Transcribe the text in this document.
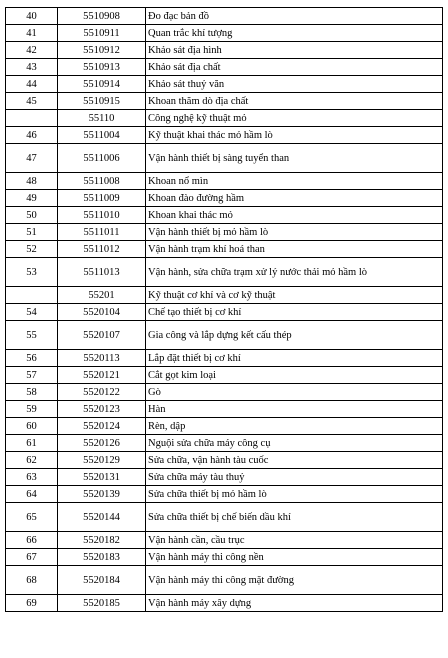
40	5510908	Đo đạc bản đồ
41	5510911	Quan trắc khí tượng
42	5510912	Khảo sát địa hình
43	5510913	Khảo sát địa chất
44	5510914	Khảo sát thuỷ văn
45	5510915	Khoan thăm dò địa chất
	55110	Công nghệ kỹ thuật mỏ
46	5511004	Kỹ thuật khai thác mỏ hầm lò
47	5511006	Vận hành thiết bị sàng tuyển than
48	5511008	Khoan nổ mìn
49	5511009	Khoan đào đường hầm
50	5511010	Khoan khai thác mỏ
51	5511011	Vận hành thiết bị mỏ hầm lò
52	5511012	Vận hành trạm khí hoá than
53	5511013	Vận hành, sửa chữa trạm xử lý nước thải mỏ hầm lò
	55201	Kỹ thuật cơ khí và cơ kỹ thuật
54	5520104	Chế tạo thiết bị cơ khí
55	5520107	Gia công và lắp dựng kết cấu thép
56	5520113	Lắp đặt thiết bị cơ khí
57	5520121	Cắt gọt kim loại
58	5520122	Gò
59	5520123	Hàn
60	5520124	Rèn, dập
61	5520126	Nguội sửa chữa máy công cụ
62	5520129	Sửa chữa, vận hành tàu cuốc
63	5520131	Sửa chữa máy tàu thuỷ
64	5520139	Sửa chữa thiết bị mỏ hầm lò
65	5520144	Sửa chữa thiết bị chế biến dầu khí
66	5520182	Vận hành cần, cầu trục
67	5520183	Vận hành máy thi công nền
68	5520184	Vận hành máy thi công mặt đường
69	5520185	Vận hành máy xây dựng
